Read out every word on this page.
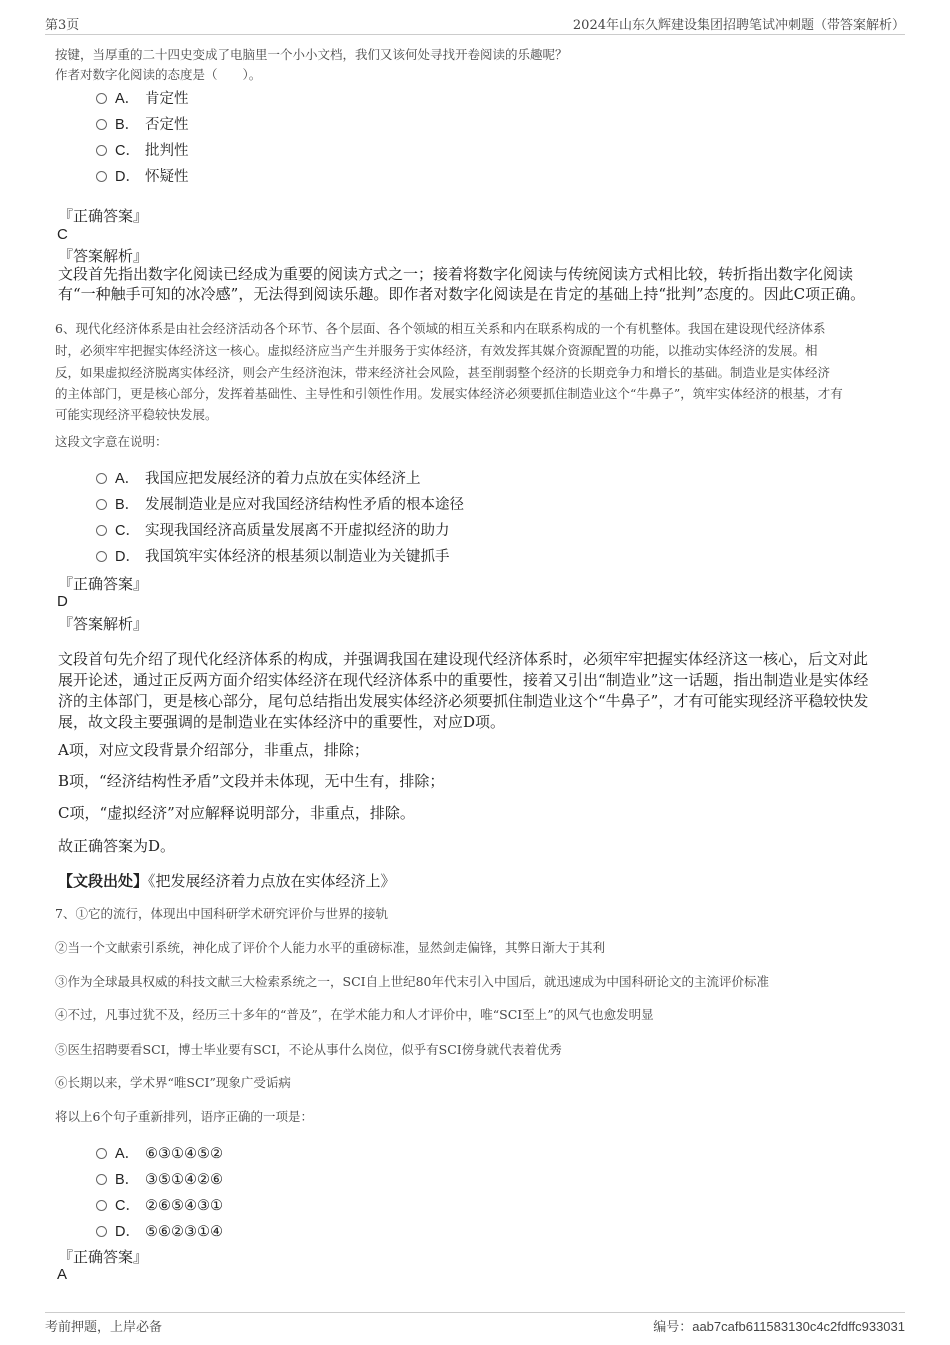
第3页	2024年山东久辉建设集团招聘笔试冲刺题（带答案解析）
按键，当厚重的二十四史变成了电脑里一个小小文档，我们又该何处寻找开卷阅读的乐趣呢？
作者对数字化阅读的态度是（　　）。
A． 肯定性
B． 否定性
C． 批判性
D． 怀疑性
『正确答案』
C
『答案解析』
文段首先指出数字化阅读已经成为重要的阅读方式之一；接着将数字化阅读与传统阅读方式相比较，转折指出数字化阅读
有“一种触手可知的冰冷感”，无法得到阅读乐趣。即作者对数字化阅读是在肯定的基础上持“批判”态度的。因此C项正确。
6、现代化经济体系是由社会经济活动各个环节、各个层面、各个领域的相互关系和内在联系构成的一个有机整体。我国在建设现代经济体系
时，必须牢牢把握实体经济这一核心。虚拟经济应当产生并服务于实体经济，有效发挥其媒介资源配置的功能，以推动实体经济的发展。相
反，如果虚拟经济脱离实体经济，则会产生经济泡沫，带来经济社会风险，甚至削弱整个经济的长期竞争力和增长的基础。制造业是实体经济
的主体部门，更是核心部分，发挥着基础性、主导性和引领性作用。发展实体经济必须要抓住制造业这个“牛鼻子”，筑牢实体经济的根基，才有
可能实现经济平稳较快发展。
这段文字意在说明：
A． 我国应把发展经济的着力点放在实体经济上
B． 发展制造业是应对我国经济结构性矛盾的根本途径
C． 实现我国经济高质量发展离不开虚拟经济的助力
D． 我国筑牢实体经济的根基须以制造业为关键抓手
『正确答案』
D
『答案解析』
文段首句先介绍了现代化经济体系的构成，并强调我国在建设现代经济体系时，必须牢牢把握实体经济这一核心，后文对此
展开论述，通过正反两方面介绍实体经济在现代经济体系中的重要性，接着又引出“制造业”这一话题，指出制造业是实体经
济的主体部门，更是核心部分，尾句总结指出发展实体经济必须要抓住制造业这个“牛鼻子”，才有可能实现经济平稳较快发
展，故文段主要强调的是制造业在实体经济中的重要性，对应D项。
A项，对应文段背景介绍部分，非重点，排除；
B项，“经济结构性矛盾”文段并未体现，无中生有，排除；
C项，“虚拟经济”对应解释说明部分，非重点，排除。
故正确答案为D。
【文段出处】《把发展经济着力点放在实体经济上》
7、①它的流行，体现出中国科研学术研究评价与世界的接轨
②当一个文献索引系统，神化成了评价个人能力水平的重磅标准，显然剑走偏锋，其弊日渐大于其利
③作为全球最具权威的科技文献三大检索系统之一，SCI自上世纪80年代末引入中国后，就迅速成为中国科研论文的主流评价标准
④不过，凡事过犹不及，经历三十多年的“普及”，在学术能力和人才评价中，唯“SCI至上”的风气也愈发明显
⑤医生招聘要看SCI，博士毕业要有SCI，不论从事什么岗位，似乎有SCI傍身就代表着优秀
⑥长期以来，学术界“唯SCI”现象广受诟病
将以上6个句子重新排列，语序正确的一项是：
A． ⑥③①④⑤②
B． ③⑤①④②⑥
C． ②⑥⑤④③①
D． ⑤⑥②③①④
『正确答案』
A
考前押题，上岸必备	编号：aab7cafb611583130c4c2fdffc933031
